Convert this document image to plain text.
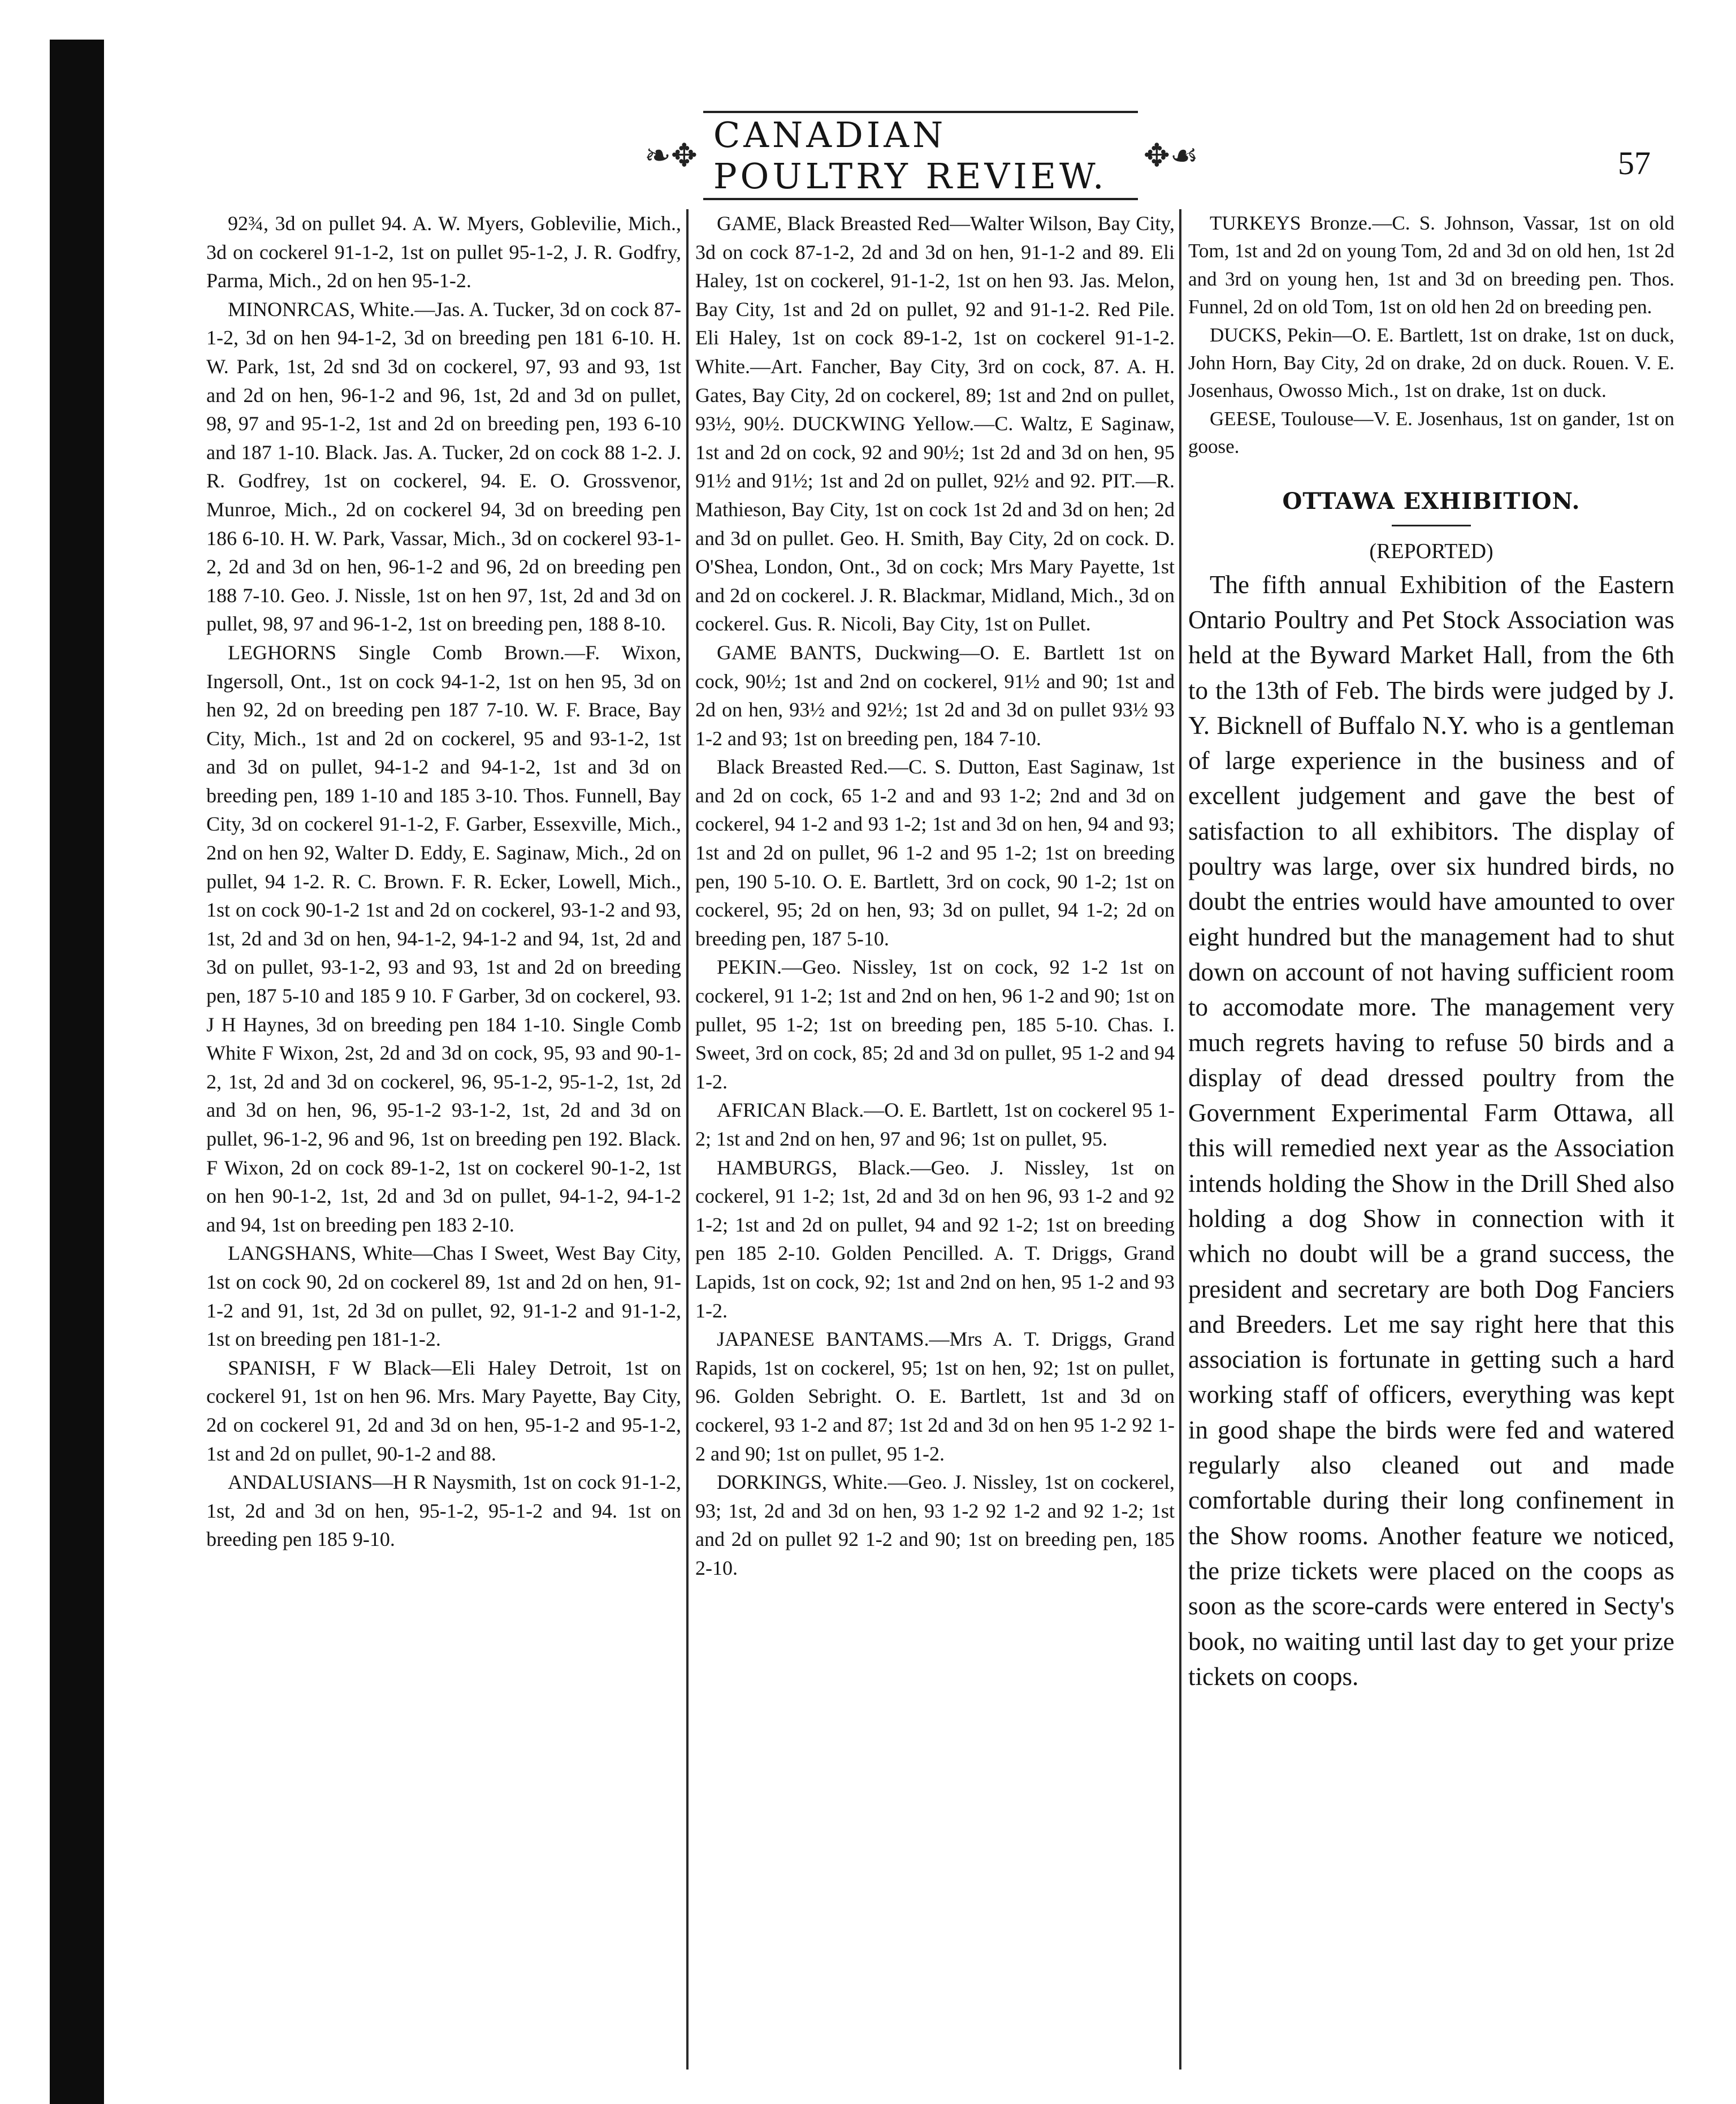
❧✥
CANADIAN POULTRY REVIEW.	✥☙	57

92¾, 3d on pullet 94. A. W. Myers, Goblevilie, Mich., 3d on cockerel 91-1-2, 1st on pullet 95-1-2, J. R. Godfry, Parma, Mich., 2d on hen 95-1-2.

MINONRCAS, White.—Jas. A. Tucker, 3d on cock 87-1-2, 3d on hen 94-1-2, 3d on breeding pen 181 6-10. H. W. Park, 1st, 2d snd 3d on cockerel, 97, 93 and 93, 1st and 2d on hen, 96-1-2 and 96, 1st, 2d and 3d on pullet, 98, 97 and 95-1-2, 1st and 2d on breeding pen, 193 6-10 and 187 1-10. Black. Jas. A. Tucker, 2d on cock 88 1-2. J. R. Godfrey, 1st on cockerel, 94. E. O. Grossvenor, Munroe, Mich., 2d on cockerel 94, 3d on breeding pen 186 6-10. H. W. Park, Vassar, Mich., 3d on cockerel 93-1-2, 2d and 3d on hen, 96-1-2 and 96, 2d on breeding pen 188 7-10. Geo. J. Nissle, 1st on hen 97, 1st, 2d and 3d on pullet, 98, 97 and 96-1-2, 1st on breeding pen, 188 8-10.

LEGHORNS Single Comb Brown.—F. Wixon, Ingersoll, Ont., 1st on cock 94-1-2, 1st on hen 95, 3d on hen 92, 2d on breeding pen 187 7-10. W. F. Brace, Bay City, Mich., 1st and 2d on cockerel, 95 and 93-1-2, 1st and 3d on pullet, 94-1-2 and 94-1-2, 1st and 3d on breeding pen, 189 1-10 and 185 3-10. Thos. Funnell, Bay City, 3d on cockerel 91-1-2, F. Garber, Essexville, Mich., 2nd on hen 92, Walter D. Eddy, E. Saginaw, Mich., 2d on pullet, 94 1-2. R. C. Brown. F. R. Ecker, Lowell, Mich., 1st on cock 90-1-2 1st and 2d on cockerel, 93-1-2 and 93, 1st, 2d and 3d on hen, 94-1-2, 94-1-2 and 94, 1st, 2d and 3d on pullet, 93-1-2, 93 and 93, 1st and 2d on breeding pen, 187 5-10 and 185 9 10. F Garber, 3d on cockerel, 93. J H Haynes, 3d on breeding pen 184 1-10. Single Comb White F Wixon, 2st, 2d and 3d on cock, 95, 93 and 90-1-2, 1st, 2d and 3d on cockerel, 96, 95-1-2, 95-1-2, 1st, 2d and 3d on hen, 96, 95-1-2 93-1-2, 1st, 2d and 3d on pullet, 96-1-2, 96 and 96, 1st on breeding pen 192. Black. F Wixon, 2d on cock 89-1-2, 1st on cockerel 90-1-2, 1st on hen 90-1-2, 1st, 2d and 3d on pullet, 94-1-2, 94-1-2 and 94, 1st on breeding pen 183 2-10.

LANGSHANS, White—Chas I Sweet, West Bay City, 1st on cock 90, 2d on cockerel 89, 1st and 2d on hen, 91-1-2 and 91, 1st, 2d 3d on pullet, 92, 91-1-2 and 91-1-2, 1st on breeding pen 181-1-2.

SPANISH, F W Black—Eli Haley Detroit, 1st on cockerel 91, 1st on hen 96. Mrs. Mary Payette, Bay City, 2d on cockerel 91, 2d and 3d on hen, 95-1-2 and 95-1-2, 1st and 2d on pullet, 90-1-2 and 88.

ANDALUSIANS—H R Naysmith, 1st on cock 91-1-2, 1st, 2d and 3d on hen, 95-1-2, 95-1-2 and 94. 1st on breeding pen 185 9-10.

GAME, Black Breasted Red—Walter Wilson, Bay City, 3d on cock 87-1-2, 2d and 3d on hen, 91-1-2 and 89. Eli Haley, 1st on cockerel, 91-1-2, 1st on hen 93. Jas. Melon, Bay City, 1st and 2d on pullet, 92 and 91-1-2. Red Pile. Eli Haley, 1st on cock 89-1-2, 1st on cockerel 91-1-2. White.—Art. Fancher, Bay City, 3rd on cock, 87. A. H. Gates, Bay City, 2d on cockerel, 89; 1st and 2nd on pullet, 93½, 90½. DUCKWING Yellow.—C. Waltz, E Saginaw, 1st and 2d on cock, 92 and 90½; 1st 2d and 3d on hen, 95 91½ and 91½; 1st and 2d on pullet, 92½ and 92. PIT.—R. Mathieson, Bay City, 1st on cock 1st 2d and 3d on hen; 2d and 3d on pullet. Geo. H. Smith, Bay City, 2d on cock. D. O'Shea, London, Ont., 3d on cock; Mrs Mary Payette, 1st and 2d on cockerel. J. R. Blackmar, Midland, Mich., 3d on cockerel. Gus. R. Nicoli, Bay City, 1st on Pullet.

GAME BANTS, Duckwing—O. E. Bartlett 1st on cock, 90½; 1st and 2nd on cockerel, 91½ and 90; 1st and 2d on hen, 93½ and 92½; 1st 2d and 3d on pullet 93½ 93 1-2 and 93; 1st on breeding pen, 184 7-10.

Black Breasted Red.—C. S. Dutton, East Saginaw, 1st and 2d on cock, 65 1-2 and and 93 1-2; 2nd and 3d on cockerel, 94 1-2 and 93 1-2; 1st and 3d on hen, 94 and 93; 1st and 2d on pullet, 96 1-2 and 95 1-2; 1st on breeding pen, 190 5-10. O. E. Bartlett, 3rd on cock, 90 1-2; 1st on cockerel, 95; 2d on hen, 93; 3d on pullet, 94 1-2; 2d on breeding pen, 187 5-10.

PEKIN.—Geo. Nissley, 1st on cock, 92 1-2 1st on cockerel, 91 1-2; 1st and 2nd on hen, 96 1-2 and 90; 1st on pullet, 95 1-2; 1st on breeding pen, 185 5-10. Chas. I. Sweet, 3rd on cock, 85; 2d and 3d on pullet, 95 1-2 and 94 1-2.

AFRICAN Black.—O. E. Bartlett, 1st on cockerel 95 1-2; 1st and 2nd on hen, 97 and 96; 1st on pullet, 95.

HAMBURGS, Black.—Geo. J. Nissley, 1st on cockerel, 91 1-2; 1st, 2d and 3d on hen 96, 93 1-2 and 92 1-2; 1st and 2d on pullet, 94 and 92 1-2; 1st on breeding pen 185 2-10. Golden Pencilled. A. T. Driggs, Grand Lapids, 1st on cock, 92; 1st and 2nd on hen, 95 1-2 and 93 1-2.

JAPANESE BANTAMS.—Mrs A. T. Driggs, Grand Rapids, 1st on cockerel, 95; 1st on hen, 92; 1st on pullet, 96. Golden Sebright. O. E. Bartlett, 1st and 3d on cockerel, 93 1-2 and 87; 1st 2d and 3d on hen 95 1-2 92 1-2 and 90; 1st on pullet, 95 1-2.

DORKINGS, White.—Geo. J. Nissley, 1st on cockerel, 93; 1st, 2d and 3d on hen, 93 1-2 92 1-2 and 92 1-2; 1st and 2d on pullet 92 1-2 and 90; 1st on breeding pen, 185 2-10.

TURKEYS Bronze.—C. S. Johnson, Vassar, 1st on old Tom, 1st and 2d on young Tom, 2d and 3d on old hen, 1st 2d and 3rd on young hen, 1st and 3d on breeding pen. Thos. Funnel, 2d on old Tom, 1st on old hen 2d on breeding pen.

DUCKS, Pekin—O. E. Bartlett, 1st on drake, 1st on duck, John Horn, Bay City, 2d on drake, 2d on duck. Rouen. V. E. Josenhaus, Owosso Mich., 1st on drake, 1st on duck.

GEESE, Toulouse—V. E. Josenhaus, 1st on gander, 1st on goose.

OTTAWA EXHIBITION.
(REPORTED)

The fifth annual Exhibition of the Eastern Ontario Poultry and Pet Stock Association was held at the Byward Market Hall, from the 6th to the 13th of Feb. The birds were judged by J. Y. Bicknell of Buffalo N.Y. who is a gentleman of large experience in the business and of excellent judgement and gave the best of satisfaction to all exhibitors. The display of poultry was large, over six hundred birds, no doubt the entries would have amounted to over eight hundred but the management had to shut down on account of not having sufficient room to accomodate more. The management very much regrets having to refuse 50 birds and a display of dead dressed poultry from the Government Experimental Farm Ottawa, all this will remedied next year as the Association intends holding the Show in the Drill Shed also holding a dog Show in connection with it which no doubt will be a grand success, the president and secretary are both Dog Fanciers and Breeders. Let me say right here that this association is fortunate in getting such a hard working staff of officers, everything was kept in good shape the birds were fed and watered regularly also cleaned out and made comfortable during their long confinement in the Show rooms. Another feature we noticed, the prize tickets were placed on the coops as soon as the score-cards were entered in Secty's book, no waiting until last day to get your prize tickets on coops.
